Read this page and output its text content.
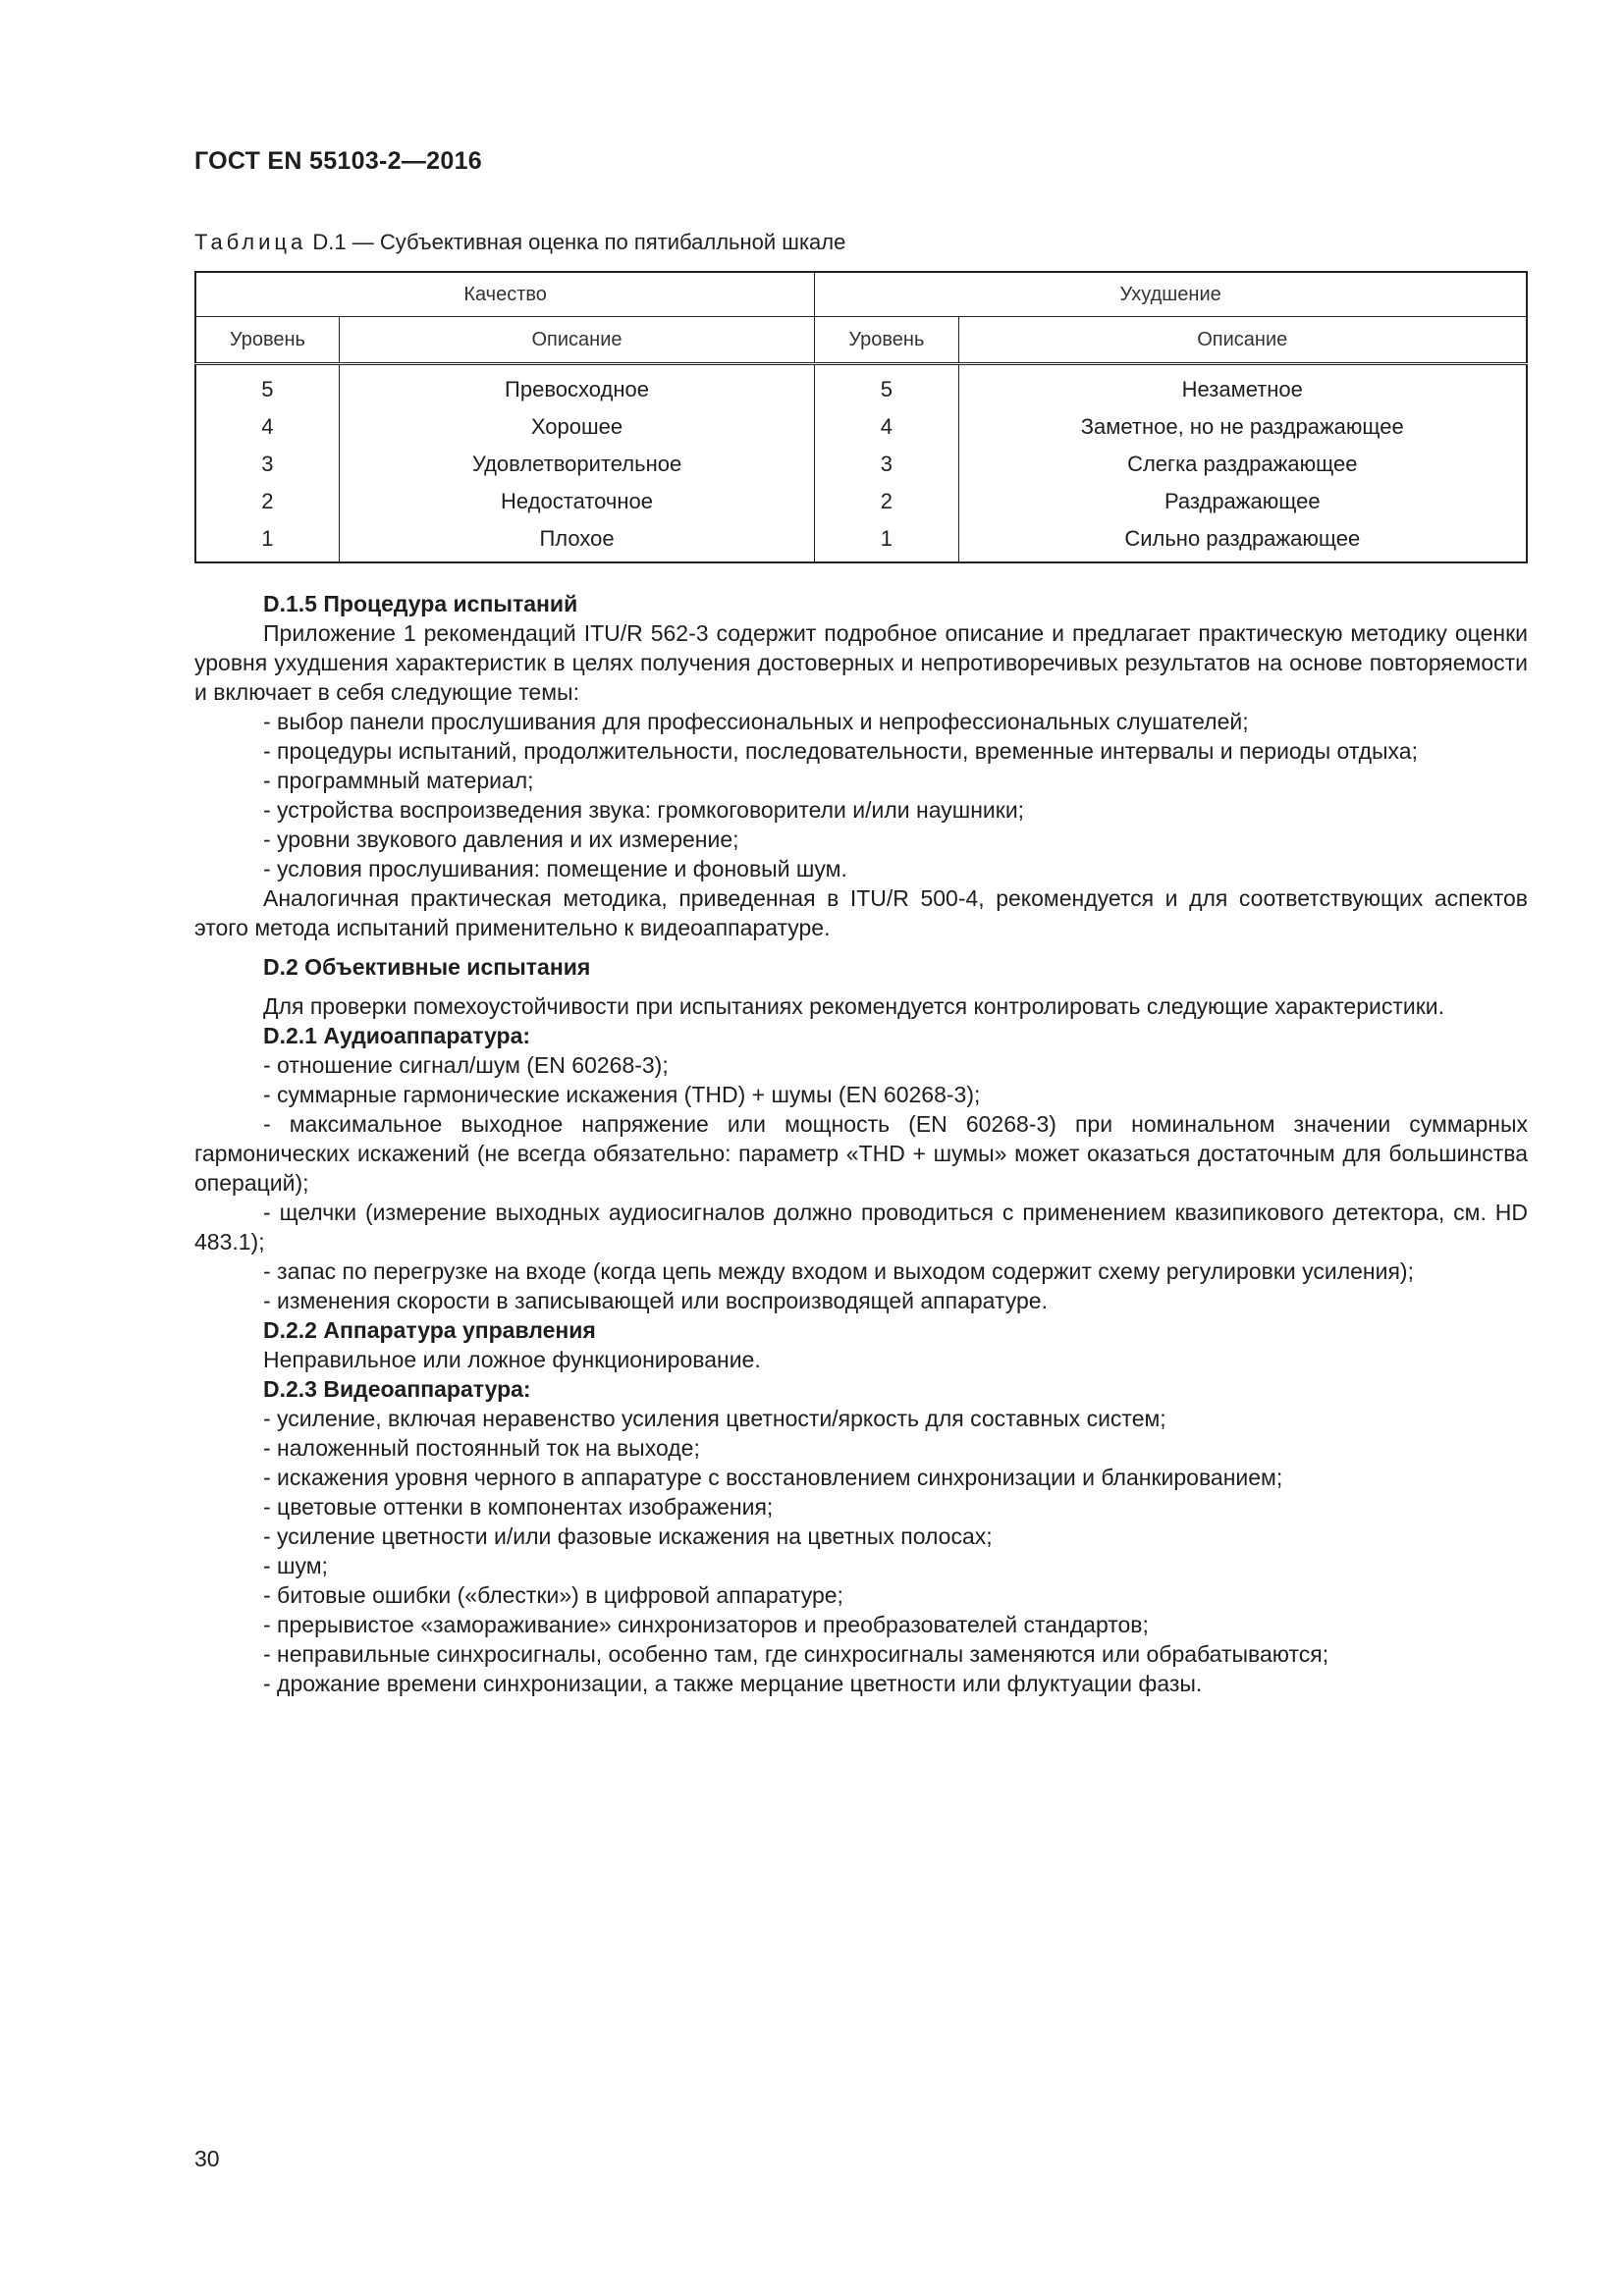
ГОСТ EN 55103-2—2016
Таблица D.1 — Субъективная оценка по пятибалльной шкале
Качество		Ухудшение	
Уровень	Описание	Уровень	Описание
5	Превосходное	5	Незаметное
4	Хорошее	4	Заметное, но не раздражающее
3	Удовлетворительное	3	Слегка раздражающее
2	Недостаточное	2	Раздражающее
1	Плохое	1	Сильно раздражающее

D.1.5 Процедура испытаний

Приложение 1 рекомендаций ITU/R 562-3 содержит подробное описание и предлагает практическую методику оценки уровня ухудшения характеристик в целях получения достоверных и непротиворечивых результатов на основе повторяемости и включает в себя следующие темы:

- выбор панели прослушивания для профессиональных и непрофессиональных слушателей;

- процедуры испытаний, продолжительности, последовательности, временные интервалы и периоды отдыха;

- программный материал;

- устройства воспроизведения звука: громкоговорители и/или наушники;

- уровни звукового давления и их измерение;

- условия прослушивания: помещение и фоновый шум.

Аналогичная практическая методика, приведенная в ITU/R 500-4, рекомендуется и для соответствующих аспектов этого метода испытаний применительно к видеоаппаратуре.

D.2 Объективные испытания

Для проверки помехоустойчивости при испытаниях рекомендуется контролировать следующие характеристики.

D.2.1 Аудиоаппаратура:

- отношение сигнал/шум (EN 60268-3);

- суммарные гармонические искажения (THD) + шумы (EN 60268-3);

- максимальное выходное напряжение или мощность (EN 60268-3) при номинальном значении суммарных гармонических искажений (не всегда обязательно: параметр «THD + шумы» может оказаться достаточным для большинства операций);

- щелчки (измерение выходных аудиосигналов должно проводиться с применением квазипикового детектора, см. HD 483.1);

- запас по перегрузке на входе (когда цепь между входом и выходом содержит схему регулировки усиления);

- изменения скорости в записывающей или воспроизводящей аппаратуре.

D.2.2 Аппаратура управления

Неправильное или ложное функционирование.

D.2.3 Видеоаппаратура:

- усиление, включая неравенство усиления цветности/яркость для составных систем;

- наложенный постоянный ток на выходе;

- искажения уровня черного в аппаратуре с восстановлением синхронизации и бланкированием;

- цветовые оттенки в компонентах изображения;

- усиление цветности и/или фазовые искажения на цветных полосах;

- шум;

- битовые ошибки («блестки») в цифровой аппаратуре;

- прерывистое «замораживание» синхронизаторов и преобразователей стандартов;

- неправильные синхросигналы, особенно там, где синхросигналы заменяются или обрабатываются;

- дрожание времени синхронизации, а также мерцание цветности или флуктуации фазы.

30
